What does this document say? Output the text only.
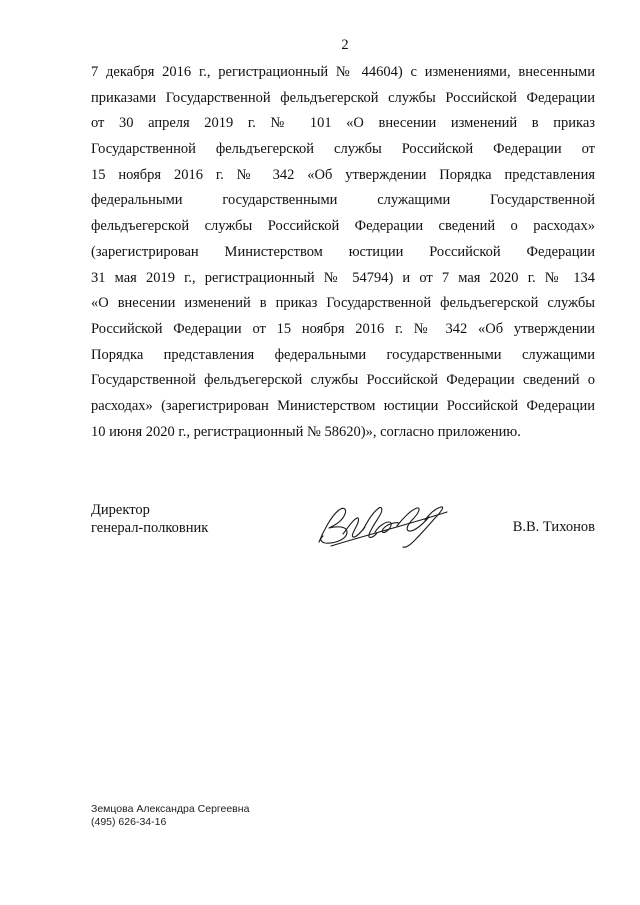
2
7 декабря 2016 г., регистрационный № 44604) с изменениями, внесенными
приказами Государственной фельдъегерской службы Российской Федерации
от 30 апреля 2019 г. № 101 «О внесении изменений в приказ
Государственной фельдъегерской службы Российской Федерации от
15 ноября 2016 г. № 342 «Об утверждении Порядка представления
федеральными государственными служащими Государственной
фельдъегерской службы Российской Федерации сведений о расходах»
(зарегистрирован Министерством юстиции Российской Федерации
31 мая 2019 г., регистрационный № 54794) и от 7 мая 2020 г. № 134
«О внесении изменений в приказ Государственной фельдъегерской службы
Российской Федерации от 15 ноября 2016 г. № 342 «Об утверждении
Порядка представления федеральными государственными служащими
Государственной фельдъегерской службы Российской Федерации сведений о
расходах» (зарегистрирован Министерством юстиции Российской Федерации
10 июня 2020 г., регистрационный № 58620)», согласно приложению.
Директор
генерал-полковник	В.В. Тихонов
Земцова Александра Сергеевна
(495) 626-34-16
